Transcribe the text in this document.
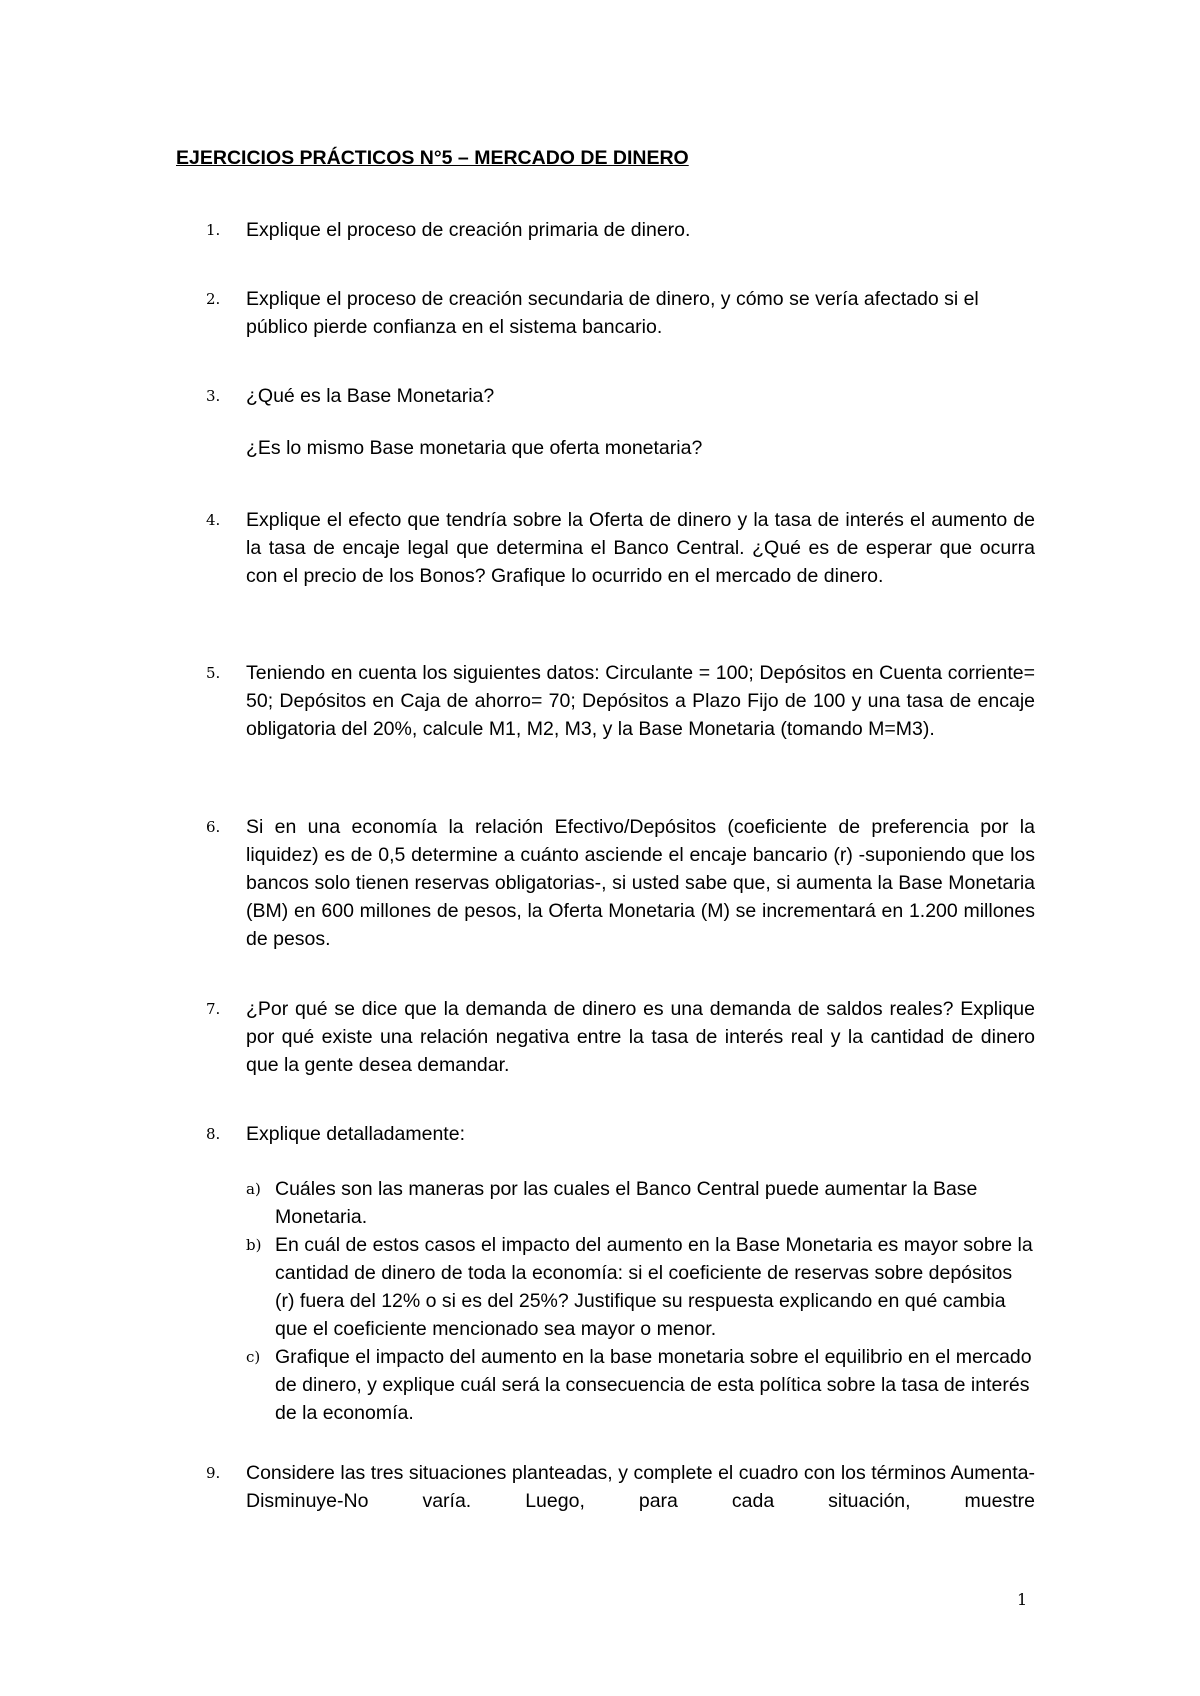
EJERCICIOS PRÁCTICOS N°5 – MERCADO DE DINERO
1.	Explique el proceso de creación primaria de dinero.

2.	Explique el proceso de creación secundaria de dinero, y cómo se vería afectado si el público pierde confianza en el sistema bancario.

3.	¿Qué es la Base Monetaria?

¿Es lo mismo Base monetaria que oferta monetaria?

4.	Explique el efecto que tendría sobre la Oferta de dinero y la tasa de interés el aumento de la tasa de encaje legal que determina el Banco Central. ¿Qué es de esperar que ocurra con el precio de los Bonos? Grafique lo ocurrido en el mercado de dinero.

5.	Teniendo en cuenta los siguientes datos: Circulante = 100; Depósitos en Cuenta corriente= 50; Depósitos en Caja de ahorro= 70; Depósitos a Plazo Fijo de 100 y una tasa de encaje obligatoria del 20%, calcule M1, M2, M3, y la Base Monetaria (tomando M=M3).

6.	Si en una economía la relación Efectivo/Depósitos (coeficiente de preferencia por la liquidez) es de 0,5 determine a cuánto asciende el encaje bancario (r) -suponiendo que los bancos solo tienen reservas obligatorias-, si usted sabe que, si aumenta la Base Monetaria (BM) en 600 millones de pesos, la Oferta Monetaria (M) se incrementará en 1.200 millones de pesos.

7.	¿Por qué se dice que la demanda de dinero es una demanda de saldos reales? Explique por qué existe una relación negativa entre la tasa de interés real y la cantidad de dinero que la gente desea demandar.

8.	Explique detalladamente:

a) Cuáles son las maneras por las cuales el Banco Central puede aumentar la Base Monetaria.
b) En cuál de estos casos el impacto del aumento en la Base Monetaria es mayor sobre la cantidad de dinero de toda la economía: si el coeficiente de reservas sobre depósitos (r) fuera del 12% o si es del 25%? Justifique su respuesta explicando en qué cambia que el coeficiente mencionado sea mayor o menor.
c) Grafique el impacto del aumento en la base monetaria sobre el equilibrio en el mercado de dinero, y explique cuál será la consecuencia de esta política sobre la tasa de interés de la economía.
9.	Considere las tres situaciones planteadas, y complete el cuadro con los términos Aumenta- Disminuye-No varía. Luego, para cada situación, muestre

1
